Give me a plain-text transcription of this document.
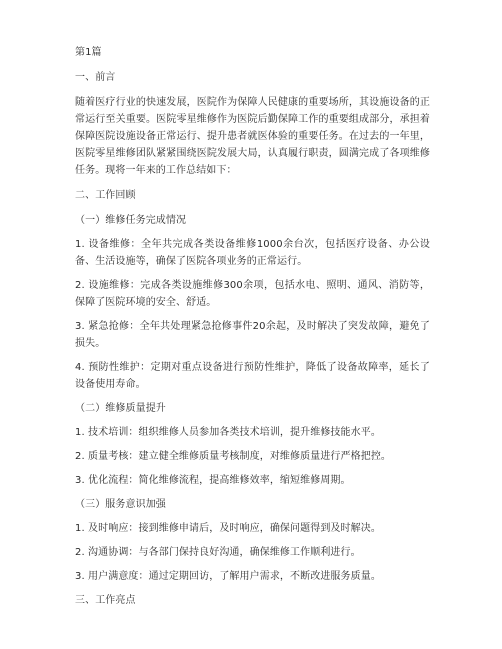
第1篇

一、前言

随着医疗行业的快速发展，医院作为保障人民健康的重要场所，其设施设备的正常运行至关重要。医院零星维修作为医院后勤保障工作的重要组成部分，承担着保障医院设施设备正常运行、提升患者就医体验的重要任务。在过去的一年里，医院零星维修团队紧紧围绕医院发展大局，认真履行职责，圆满完成了各项维修任务。现将一年来的工作总结如下：

二、工作回顾

（一）维修任务完成情况

1. 设备维修：全年共完成各类设备维修1000余台次，包括医疗设备、办公设备、生活设施等，确保了医院各项业务的正常运行。

2. 设施维修：完成各类设施维修300余项，包括水电、照明、通风、消防等，保障了医院环境的安全、舒适。

3. 紧急抢修：全年共处理紧急抢修事件20余起，及时解决了突发故障，避免了损失。

4. 预防性维护：定期对重点设备进行预防性维护，降低了设备故障率，延长了设备使用寿命。

（二）维修质量提升

1. 技术培训：组织维修人员参加各类技术培训，提升维修技能水平。

2. 质量考核：建立健全维修质量考核制度，对维修质量进行严格把控。

3. 优化流程：简化维修流程，提高维修效率，缩短维修周期。

（三）服务意识加强

1. 及时响应：接到维修申请后，及时响应，确保问题得到及时解决。

2. 沟通协调：与各部门保持良好沟通，确保维修工作顺利进行。

3. 用户满意度：通过定期回访，了解用户需求，不断改进服务质量。

三、工作亮点
